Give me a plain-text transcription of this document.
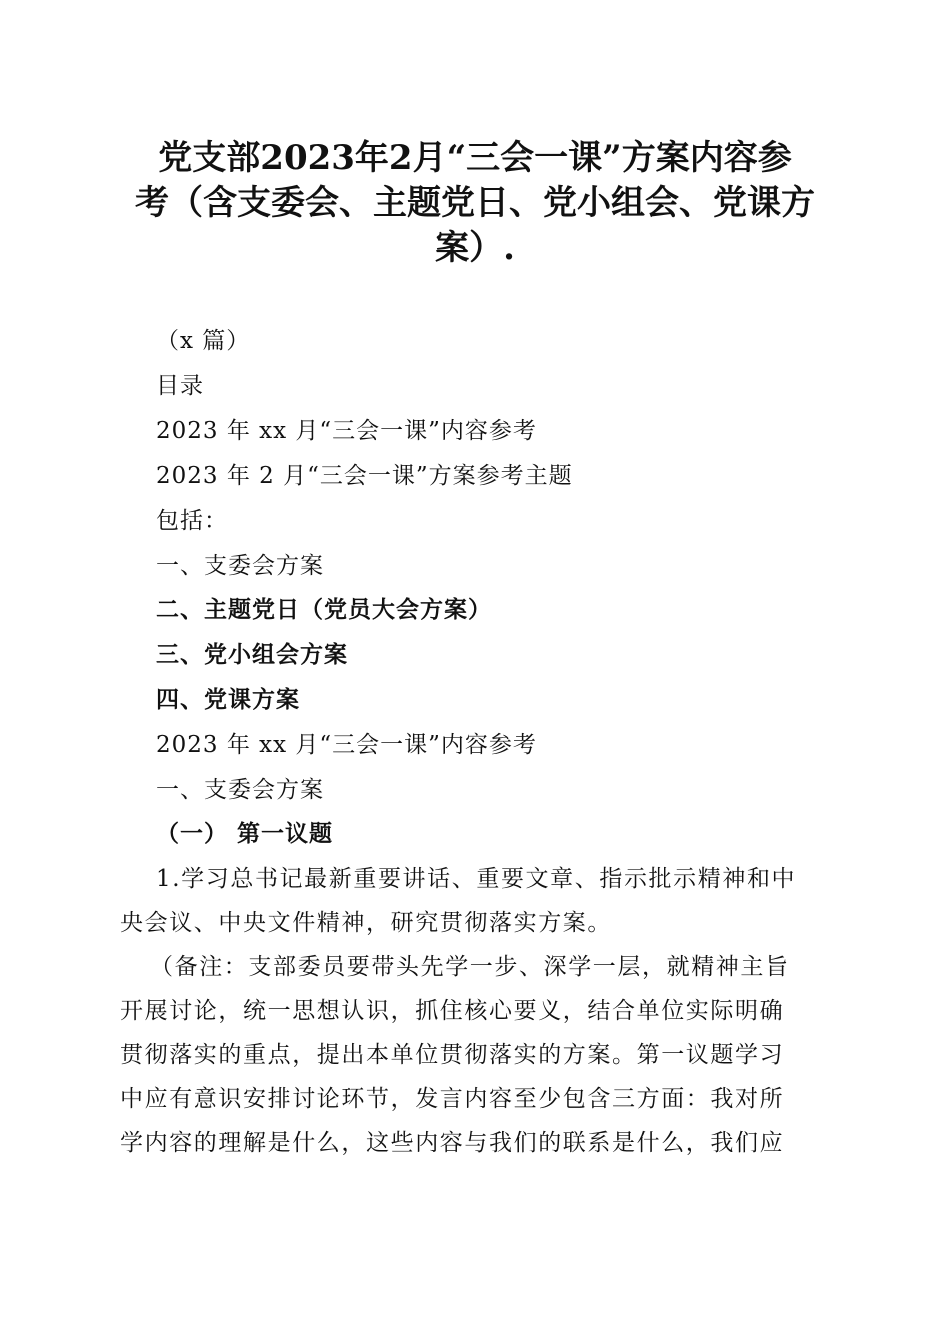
党支部2023年2月“三会一课”方案内容参
考（含支委会、主题党日、党小组会、党课方
案）.
（x 篇）
目录
2023 年 xx 月“三会一课”内容参考
2023 年 2 月“三会一课”方案参考主题
包括：
一、支委会方案
二、主题党日（党员大会方案）
三、党小组会方案
四、党课方案
2023 年 xx 月“三会一课”内容参考
一、支委会方案
（一） 第一议题
1.学习总书记最新重要讲话、重要文章、指示批示精神和中
央会议、中央文件精神，研究贯彻落实方案。
（备注：支部委员要带头先学一步、深学一层，就精神主旨
开展讨论，统一思想认识，抓住核心要义，结合单位实际明确
贯彻落实的重点，提出本单位贯彻落实的方案。第一议题学习
中应有意识安排讨论环节，发言内容至少包含三方面：我对所
学内容的理解是什么，这些内容与我们的联系是什么，我们应
